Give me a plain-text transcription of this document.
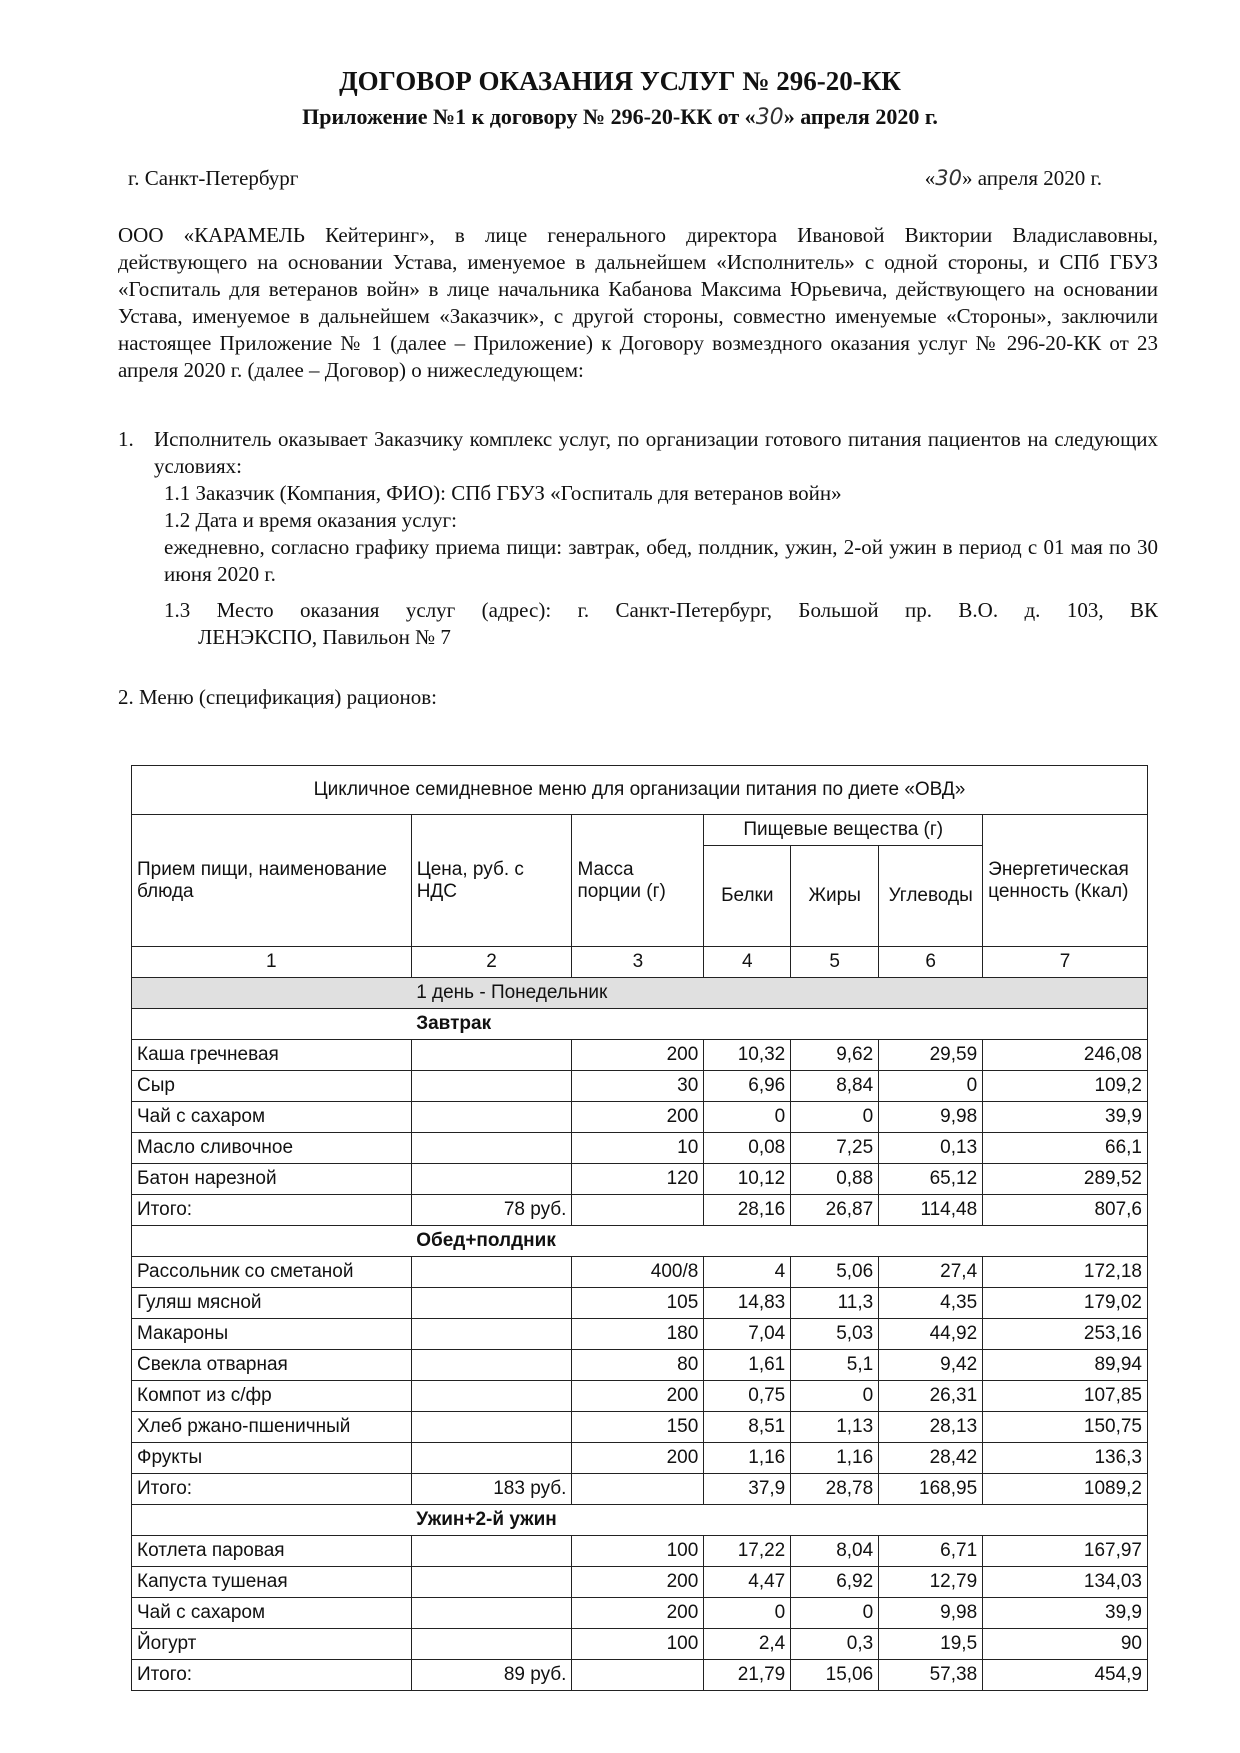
ДОГОВОР ОКАЗАНИЯ УСЛУГ № 296-20-КК
Приложение №1 к договору № 296-20-КК от «30» апреля 2020 г.
г. Санкт-Петербург	«30» апреля 2020 г.
ООО «КАРАМЕЛЬ Кейтеринг», в лице генерального директора Ивановой Виктории Владиславовны, действующего на основании Устава, именуемое в дальнейшем «Исполнитель» с одной стороны, и СПб ГБУЗ «Госпиталь для ветеранов войн» в лице начальника Кабанова Максима Юрьевича, действующего на основании Устава, именуемое в дальнейшем «Заказчик», с другой стороны, совместно именуемые «Стороны», заключили настоящее Приложение № 1 (далее – Приложение) к Договору возмездного оказания услуг № 296-20-КК от 23 апреля 2020 г. (далее – Договор) о нижеследующем:
1. Исполнитель оказывает Заказчику комплекс услуг, по организации готового питания пациентов на следующих условиях:
1.1 Заказчик (Компания, ФИО): СПб ГБУЗ «Госпиталь для ветеранов войн»
1.2 Дата и время оказания услуг:
ежедневно, согласно графику приема пищи: завтрак, обед, полдник, ужин, 2-ой ужин в период с 01 мая по 30 июня 2020 г.
1.3 Место оказания услуг (адрес): г. Санкт-Петербург, Большой пр. В.О. д. 103, ВК
ЛЕНЭКСПО, Павильон № 7
2. Меню (спецификация) рационов:
Цикличное семидневное меню для организации питания по диете «ОВД»						
Прием пищи, наименование блюда	Цена, руб. с НДС	Масса порции (г)	Пищевые вещества (г)			Энергетическая ценность (Ккал)
			Белки	Жиры	Углеводы	
1	2	3	4	5	6	7
	1 день - Понедельник					
	Завтрак					
Каша гречневая		200	10,32	9,62	29,59	246,08
Сыр		30	6,96	8,84	0	109,2
Чай с сахаром		200	0	0	9,98	39,9
Масло сливочное		10	0,08	7,25	0,13	66,1
Батон нарезной		120	10,12	0,88	65,12	289,52
Итого:	78 руб.		28,16	26,87	114,48	807,6
	Обед+полдник					
Рассольник со сметаной		400/8	4	5,06	27,4	172,18
Гуляш мясной		105	14,83	11,3	4,35	179,02
Макароны		180	7,04	5,03	44,92	253,16
Свекла отварная		80	1,61	5,1	9,42	89,94
Компот из с/фр		200	0,75	0	26,31	107,85
Хлеб ржано-пшеничный		150	8,51	1,13	28,13	150,75
Фрукты		200	1,16	1,16	28,42	136,3
Итого:	183 руб.		37,9	28,78	168,95	1089,2
	Ужин+2-й ужин					
Котлета паровая		100	17,22	8,04	6,71	167,97
Капуста тушеная		200	4,47	6,92	12,79	134,03
Чай с сахаром		200	0	0	9,98	39,9
Йогурт		100	2,4	0,3	19,5	90
Итого:	89 руб.		21,79	15,06	57,38	454,9
